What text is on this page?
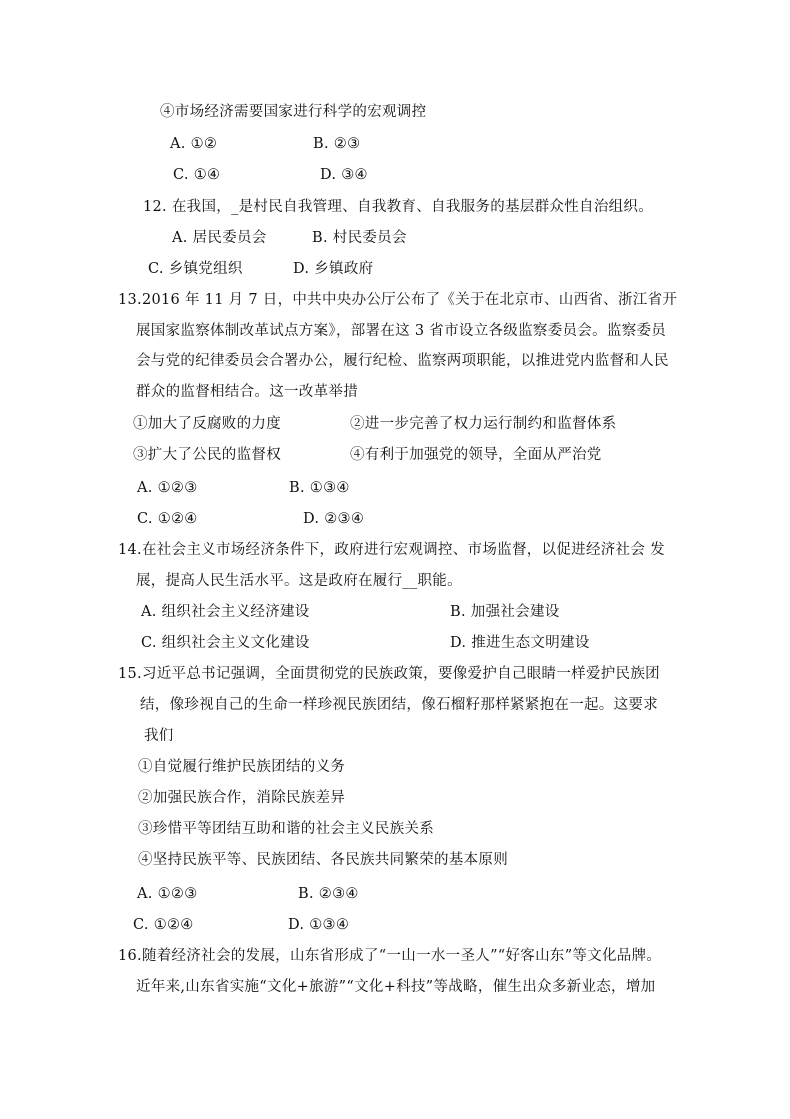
④市场经济需要国家进行科学的宏观调控
A. ①②	B. ②③
C. ①④	D. ③④
12. 在我国，_是村民自我管理、自我教育、自我服务的基层群众性自治组织。
A. 居民委员会	B. 村民委员会
C. 乡镇党组织	D. 乡镇政府
13.2016 年 11 月 7 日，中共中央办公厅公布了《关于在北京市、山西省、浙江省开
展国家监察体制改革试点方案》，部署在这 3 省市设立各级监察委员会。监察委员
会与党的纪律委员会合署办公，履行纪检、监察两项职能，以推进党内监督和人民
群众的监督相结合。这一改革举措
①加大了反腐败的力度	②进一步完善了权力运行制约和监督体系
③扩大了公民的监督权	④有利于加强党的领导，全面从严治党
A. ①②③	B. ①③④
C. ①②④	D. ②③④
14.在社会主义市场经济条件下，政府进行宏观调控、市场监督，以促进经济社会 发
展，提高人民生活水平。这是政府在履行__职能。
A. 组织社会主义经济建设	B. 加强社会建设
C. 组织社会主义文化建设	D. 推进生态文明建设
15.习近平总书记强调，全面贯彻党的民族政策，要像爱护自己眼睛一样爱护民族团
结，像珍视自己的生命一样珍视民族团结，像石榴籽那样紧紧抱在一起。这要求
我们
①自觉履行维护民族团结的义务
②加强民族合作，消除民族差异
③珍惜平等团结互助和谐的社会主义民族关系
④坚持民族平等、民族团结、各民族共同繁荣的基本原则
A. ①②③	B. ②③④
C. ①②④	D. ①③④
16.随着经济社会的发展，山东省形成了“一山一水一圣人”“好客山东”等文化品牌。
近年来,山东省实施“文化+旅游”“文化+科技”等战略，催生出众多新业态，增加
